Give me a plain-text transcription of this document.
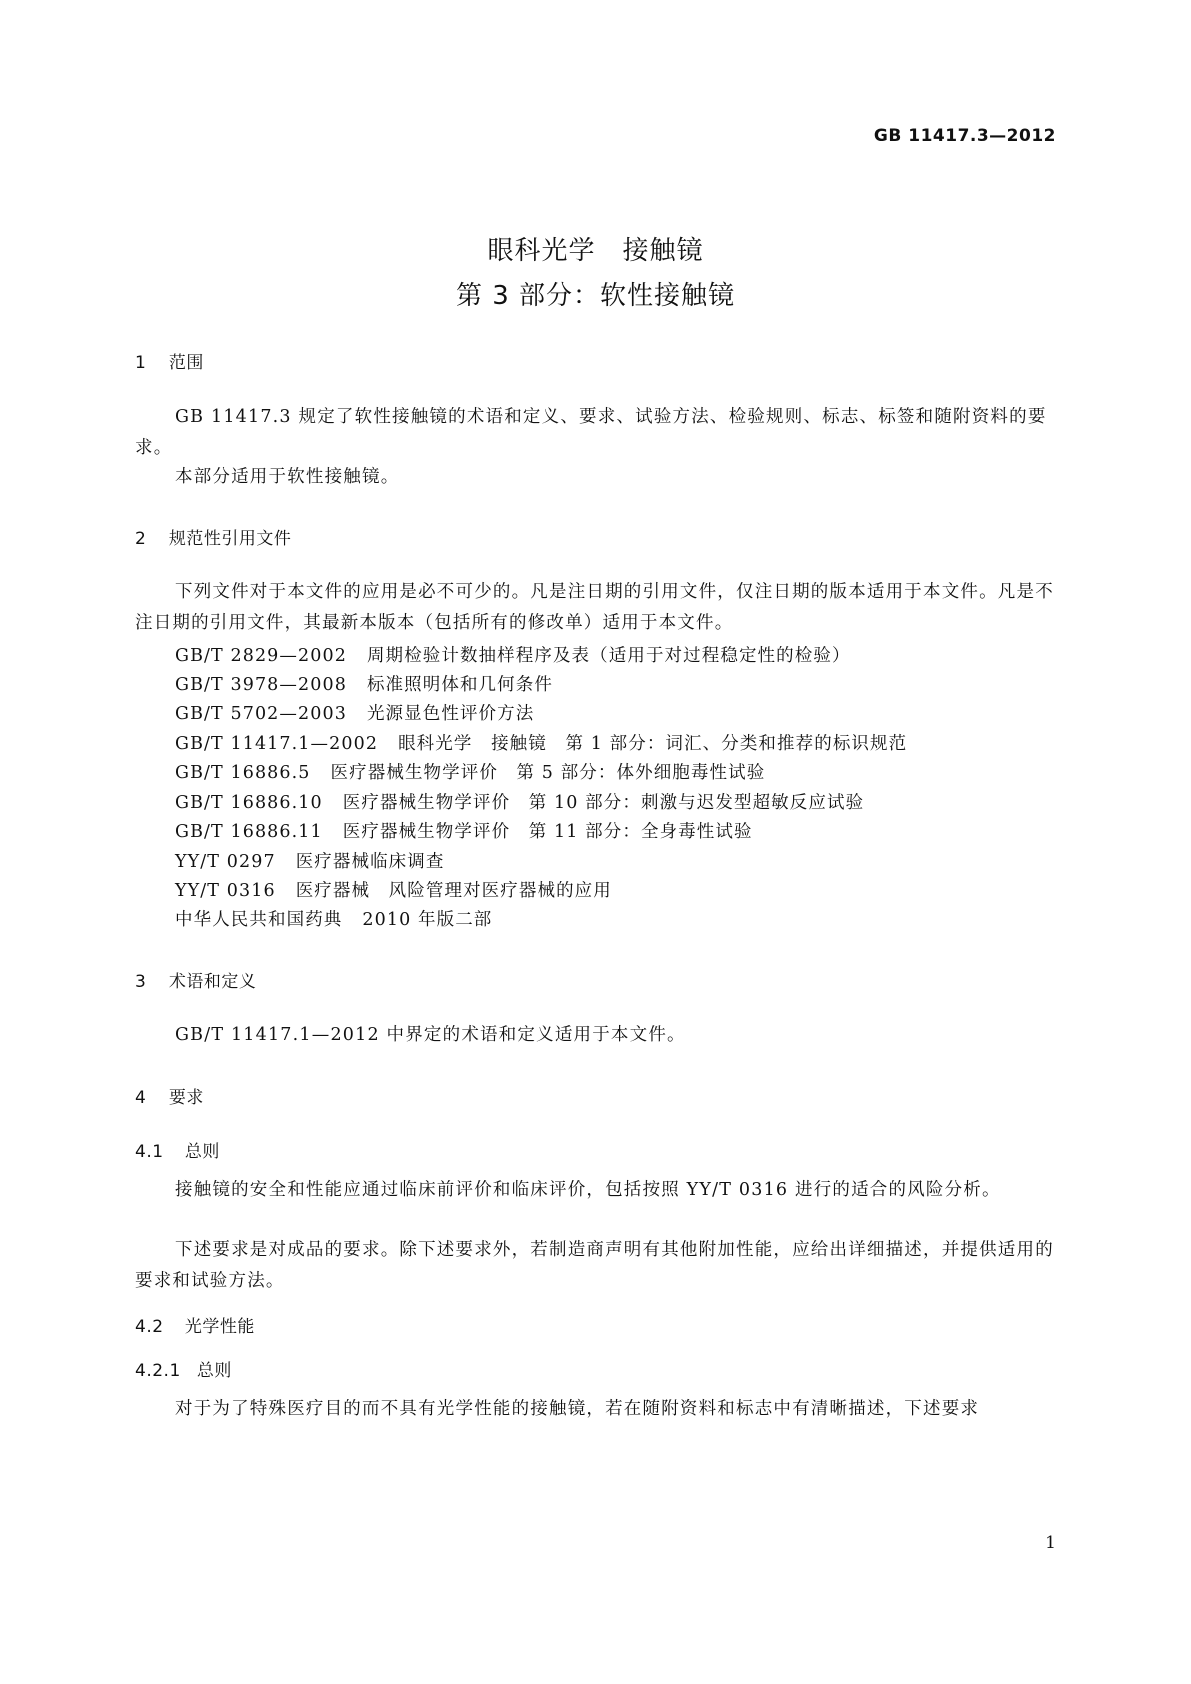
GB 11417.3—2012
眼科光学　接触镜
第 3 部分：软性接触镜
1 范围
GB 11417.3 规定了软性接触镜的术语和定义、要求、试验方法、检验规则、标志、标签和随附资料的要求。
本部分适用于软性接触镜。
2 规范性引用文件
下列文件对于本文件的应用是必不可少的。凡是注日期的引用文件，仅注日期的版本适用于本文件。凡是不注日期的引用文件，其最新本版本（包括所有的修改单）适用于本文件。
GB/T 2829—2002 周期检验计数抽样程序及表（适用于对过程稳定性的检验）
GB/T 3978—2008 标准照明体和几何条件
GB/T 5702—2003 光源显色性评价方法
GB/T 11417.1—2002 眼科光学　接触镜　第 1 部分：词汇、分类和推荐的标识规范
GB/T 16886.5 医疗器械生物学评价　第 5 部分：体外细胞毒性试验
GB/T 16886.10 医疗器械生物学评价　第 10 部分：刺激与迟发型超敏反应试验
GB/T 16886.11 医疗器械生物学评价　第 11 部分：全身毒性试验
YY/T 0297 医疗器械临床调查
YY/T 0316 医疗器械　风险管理对医疗器械的应用
中华人民共和国药典 2010 年版二部
3 术语和定义
GB/T 11417.1—2012 中界定的术语和定义适用于本文件。
4 要求
4.1 总则
接触镜的安全和性能应通过临床前评价和临床评价，包括按照 YY/T 0316 进行的适合的风险分析。
下述要求是对成品的要求。除下述要求外，若制造商声明有其他附加性能，应给出详细描述，并提供适用的要求和试验方法。
4.2 光学性能
4.2.1 总则
对于为了特殊医疗目的而不具有光学性能的接触镜，若在随附资料和标志中有清晰描述，下述要求
1
